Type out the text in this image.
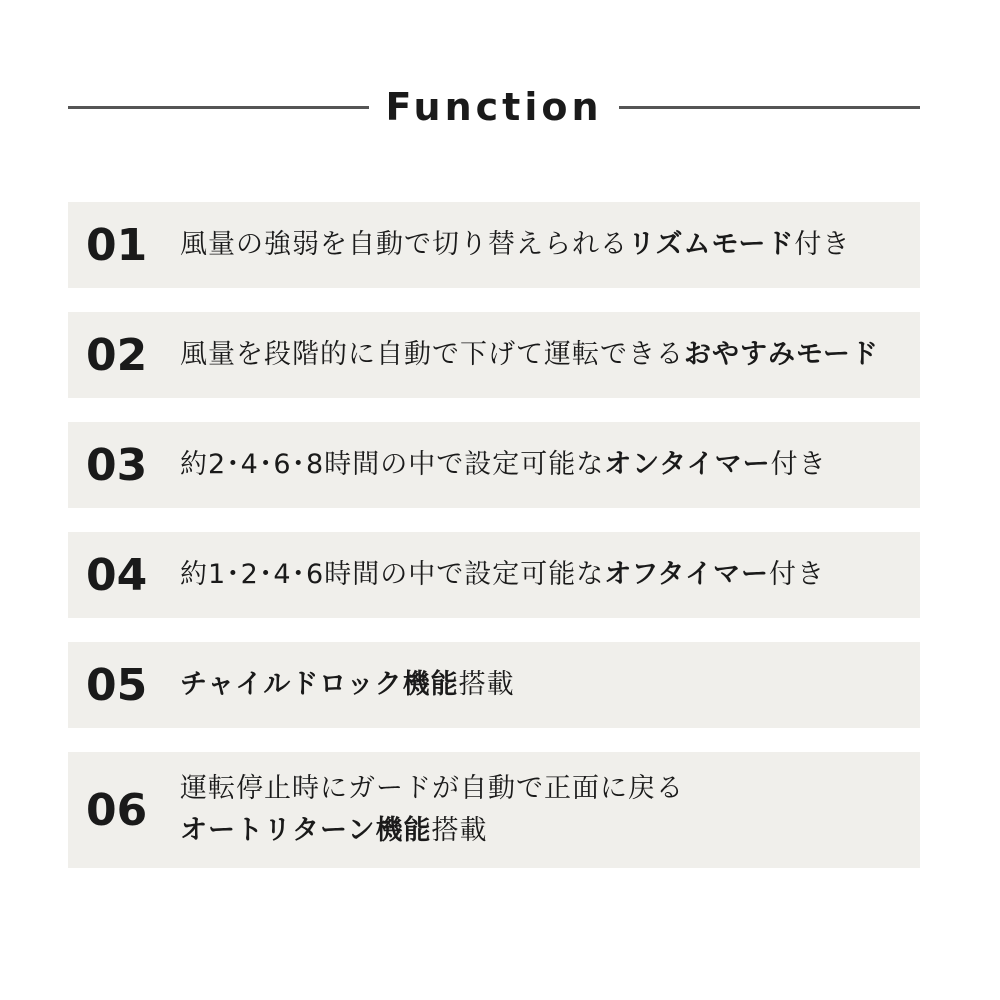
Function
01	風量の強弱を自動で切り替えられるリズムモード付き
02	風量を段階的に自動で下げて運転できるおやすみモード
03	約2･4･6･8時間の中で設定可能なオンタイマー付き
04	約1･2･4･6時間の中で設定可能なオフタイマー付き
05	チャイルドロック機能搭載
06	運転停止時にガードが自動で正面に戻る
オートリターン機能搭載
